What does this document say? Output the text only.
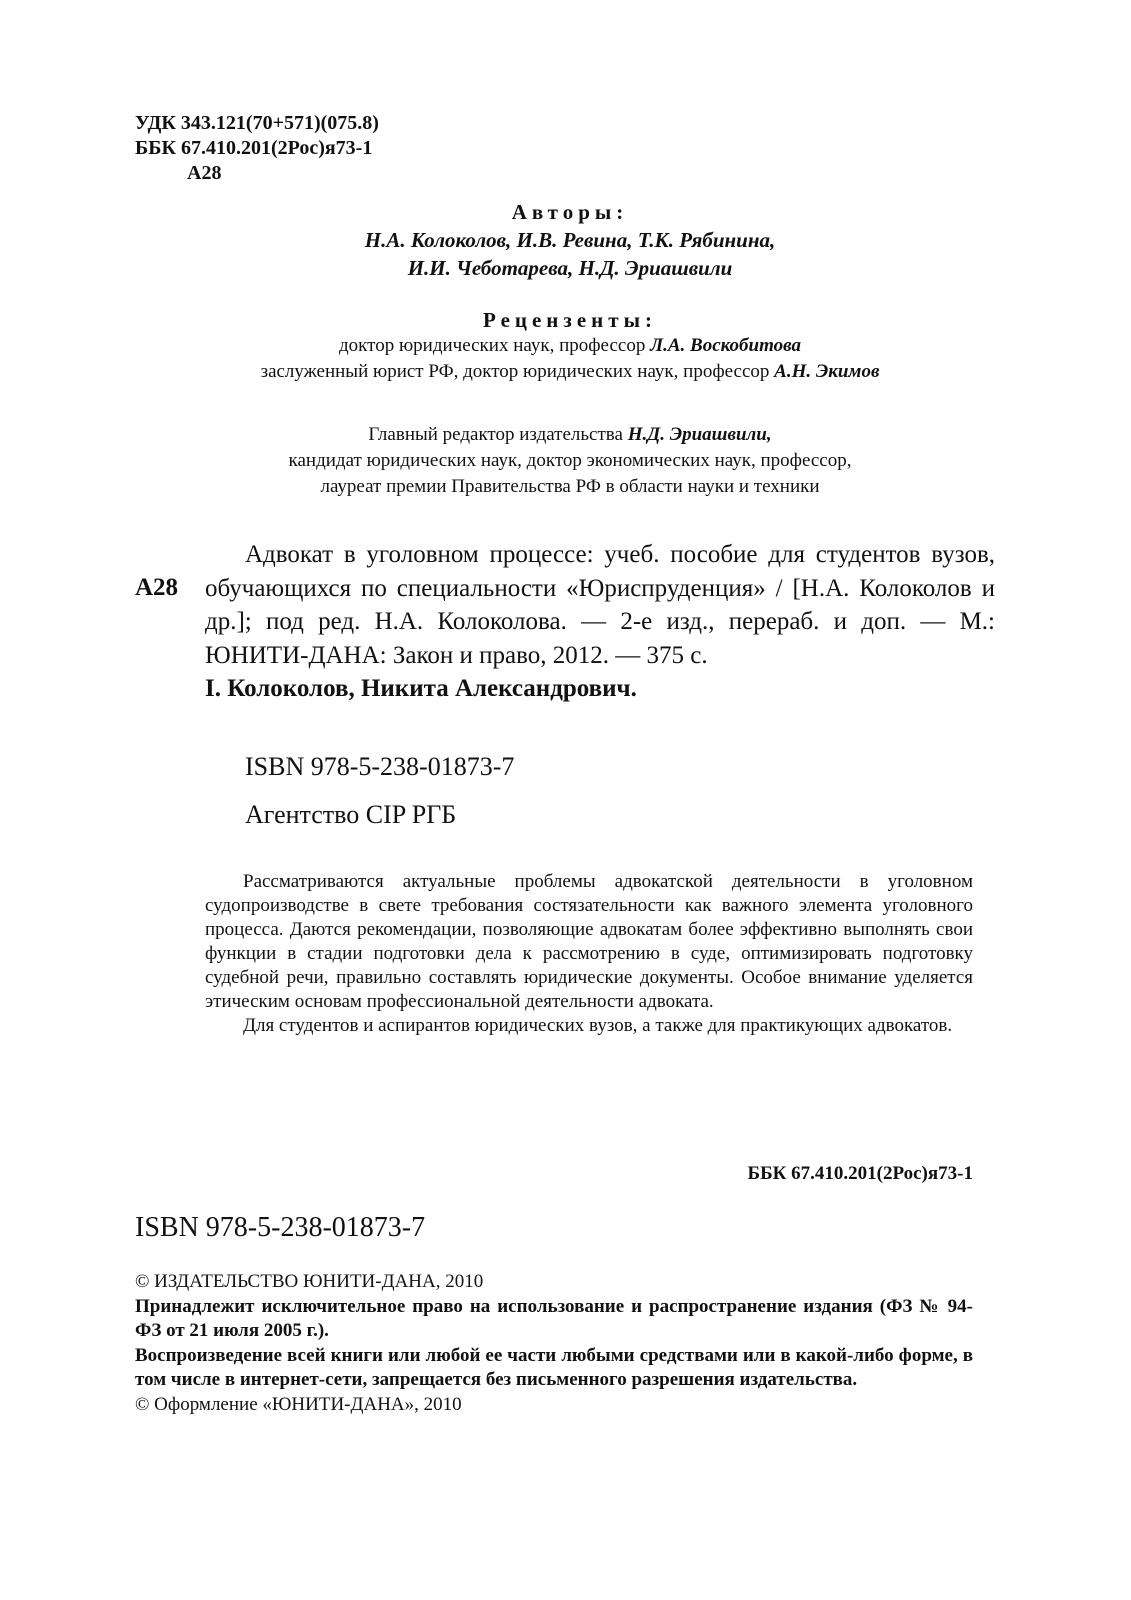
УДК 343.121(70+571)(075.8)
ББК 67.410.201(2Рос)я73-1
А28
Авторы:
Н.А. Колоколов, И.В. Ревина, Т.К. Рябинина,
И.И. Чеботарева, Н.Д. Эриашвили
Рецензенты:
доктор юридических наук, профессор Л.А. Воскобитова
заслуженный юрист РФ, доктор юридических наук, профессор А.Н. Экимов
Главный редактор издательства Н.Д. Эриашвили,
кандидат юридических наук, доктор экономических наук, профессор,
лауреат премии Правительства РФ в области науки и техники
А28
Адвокат в уголовном процессе: учеб. пособие для студентов вузов, обучающихся по специальности «Юриспруденция» / [Н.А. Колоколов и др.]; под ред. Н.А. Колоколова. — 2-е изд., перераб. и доп. — М.: ЮНИТИ-ДАНА: Закон и право, 2012. — 375 с.
I. Колоколов, Никита Александрович.
ISBN 978-5-238-01873-7
Агентство CIP РГБ

Рассматриваются актуальные проблемы адвокатской деятельности в уголовном судопроизводстве в свете требования состязательности как важного элемента уголовного процесса. Даются рекомендации, позволяющие адвокатам более эффективно выполнять свои функции в стадии подготовки дела к рассмотрению в суде, оптимизировать подготовку судебной речи, правильно составлять юридические документы. Особое внимание уделяется этическим основам профессиональной деятельности адвоката.

Для студентов и аспирантов юридических вузов, а также для практикующих адвокатов.

ББК 67.410.201(2Рос)я73-1
ISBN 978-5-238-01873-7

© ИЗДАТЕЛЬСТВО ЮНИТИ-ДАНА, 2010

Принадлежит исключительное право на использование и распространение издания (ФЗ № 94-ФЗ от 21 июля 2005 г.).

Воспроизведение всей книги или любой ее части любыми средствами или в какой-либо форме, в том числе в интернет-сети, запрещается без письменного разрешения издательства.

© Оформление «ЮНИТИ-ДАНА», 2010
